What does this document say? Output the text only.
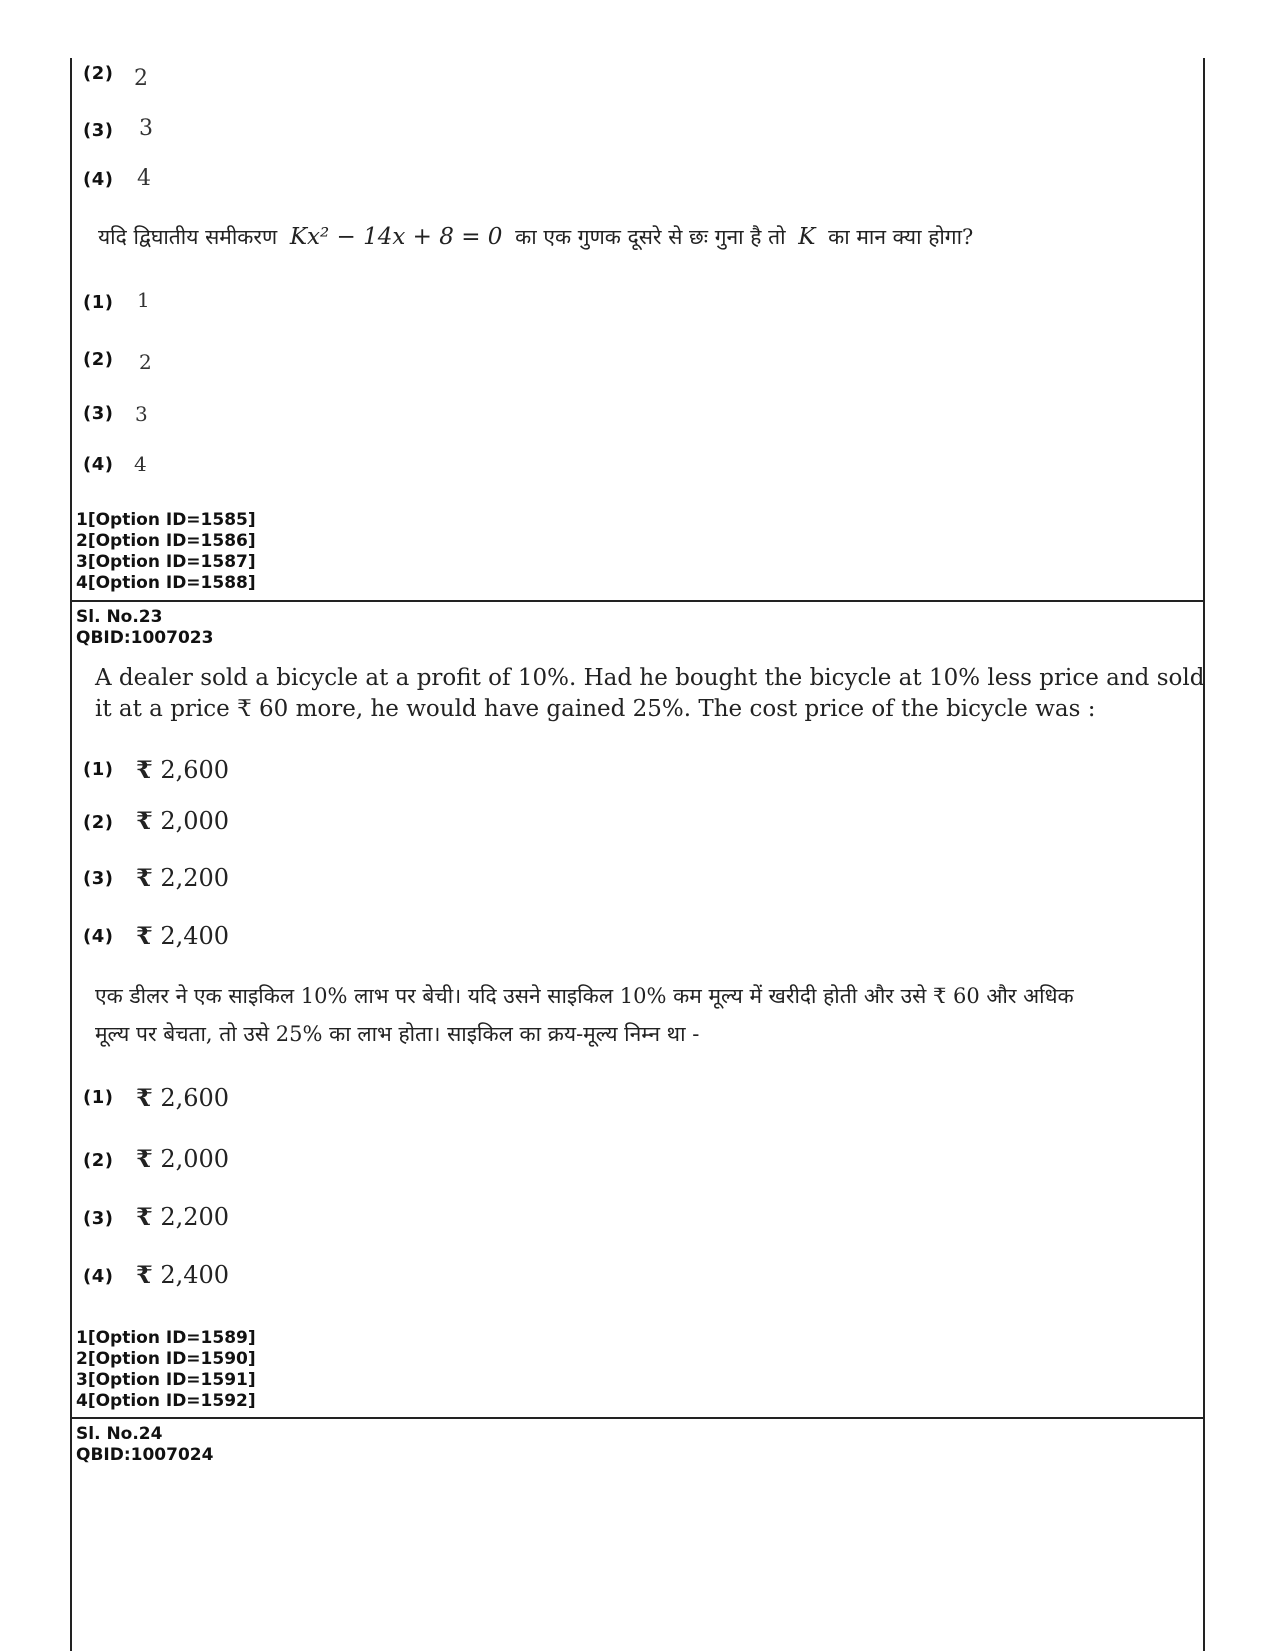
(2) 2
(3) 3
(4) 4
यदि द्विघातीय समीकरण Kx² − 14x + 8 = 0 का एक गुणक दूसरे से छः गुना है तो K का मान क्या होगा?
(1) 1
(2) 2
(3) 3
(4) 4
1[Option ID=1585]
2[Option ID=1586]
3[Option ID=1587]
4[Option ID=1588]
Sl. No.23
QBID:1007023
A dealer sold a bicycle at a profit of 10%. Had he bought the bicycle at 10% less price and sold
it at a price ₹ 60 more, he would have gained 25%. The cost price of the bicycle was :
(1) ₹ 2,600
(2) ₹ 2,000
(3) ₹ 2,200
(4) ₹ 2,400
एक डीलर ने एक साइकिल 10% लाभ पर बेची। यदि उसने साइकिल 10% कम मूल्य में खरीदी होती और उसे ₹ 60 और अधिक
मूल्य पर बेचता, तो उसे 25% का लाभ होता। साइकिल का क्रय-मूल्य निम्न था -
(1) ₹ 2,600
(2) ₹ 2,000
(3) ₹ 2,200
(4) ₹ 2,400
1[Option ID=1589]
2[Option ID=1590]
3[Option ID=1591]
4[Option ID=1592]
Sl. No.24
QBID:1007024
